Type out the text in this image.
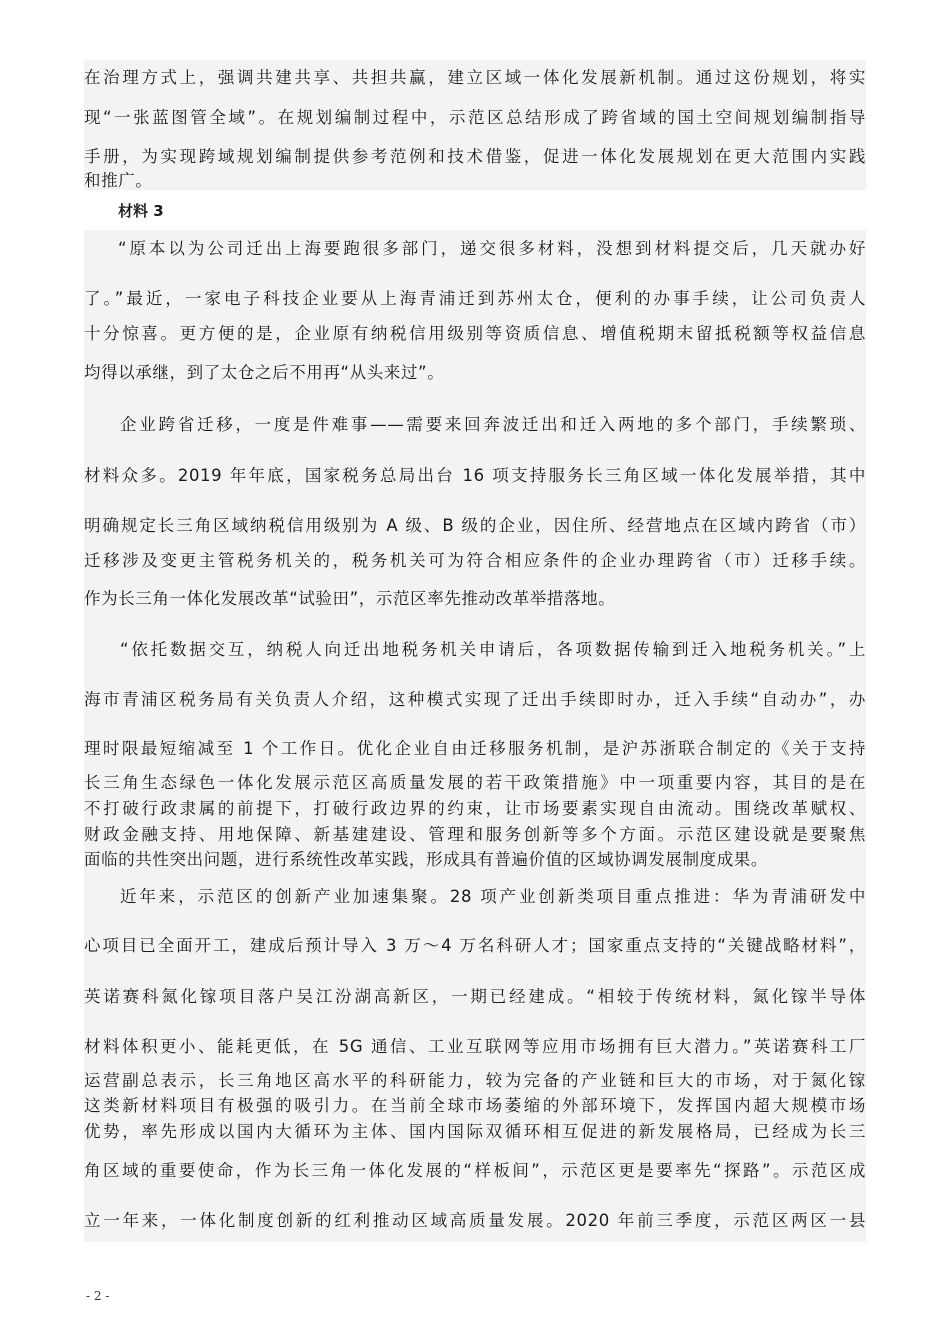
在治理方式上，强调共建共享、共担共赢，建立区域一体化发展新机制。通过这份规划，将实
现“一张蓝图管全域”。在规划编制过程中，示范区总结形成了跨省域的国土空间规划编制指导
手册，为实现跨域规划编制提供参考范例和技术借鉴，促进一体化发展规划在更大范围内实践
和推广。
材料 3
“原本以为公司迁出上海要跑很多部门，递交很多材料，没想到材料提交后，几天就办好
了。”最近，一家电子科技企业要从上海青浦迁到苏州太仓，便利的办事手续，让公司负责人
十分惊喜。更方便的是，企业原有纳税信用级别等资质信息、增值税期末留抵税额等权益信息
均得以承继，到了太仓之后不用再“从头来过”。
企业跨省迁移，一度是件难事——需要来回奔波迁出和迁入两地的多个部门，手续繁琐、
材料众多。2019 年年底，国家税务总局出台 16 项支持服务长三角区域一体化发展举措，其中
明确规定长三角区域纳税信用级别为 A 级、B 级的企业，因住所、经营地点在区域内跨省（市）
迁移涉及变更主管税务机关的，税务机关可为符合相应条件的企业办理跨省（市）迁移手续。
作为长三角一体化发展改革“试验田”，示范区率先推动改革举措落地。
“依托数据交互，纳税人向迁出地税务机关申请后，各项数据传输到迁入地税务机关。”上
海市青浦区税务局有关负责人介绍，这种模式实现了迁出手续即时办，迁入手续“自动办”，办
理时限最短缩减至 1 个工作日。优化企业自由迁移服务机制，是沪苏浙联合制定的《关于支持
长三角生态绿色一体化发展示范区高质量发展的若干政策措施》中一项重要内容，其目的是在
不打破行政隶属的前提下，打破行政边界的约束，让市场要素实现自由流动。围绕改革赋权、
财政金融支持、用地保障、新基建建设、管理和服务创新等多个方面。示范区建设就是要聚焦
面临的共性突出问题，进行系统性改革实践，形成具有普遍价值的区域协调发展制度成果。
近年来，示范区的创新产业加速集聚。28 项产业创新类项目重点推进：华为青浦研发中
心项目已全面开工，建成后预计导入 3 万～4 万名科研人才；国家重点支持的“关键战略材料”，
英诺赛科氮化镓项目落户吴江汾湖高新区，一期已经建成。“相较于传统材料，氮化镓半导体
材料体积更小、能耗更低，在 5G 通信、工业互联网等应用市场拥有巨大潜力。”英诺赛科工厂
运营副总表示，长三角地区高水平的科研能力，较为完备的产业链和巨大的市场，对于氮化镓
这类新材料项目有极强的吸引力。在当前全球市场萎缩的外部环境下，发挥国内超大规模市场
优势，率先形成以国内大循环为主体、国内国际双循环相互促进的新发展格局，已经成为长三
角区域的重要使命，作为长三角一体化发展的“样板间”，示范区更是要率先“探路”。示范区成
立一年来，一体化制度创新的红利推动区域高质量发展。2020 年前三季度，示范区两区一县
- 2 -
